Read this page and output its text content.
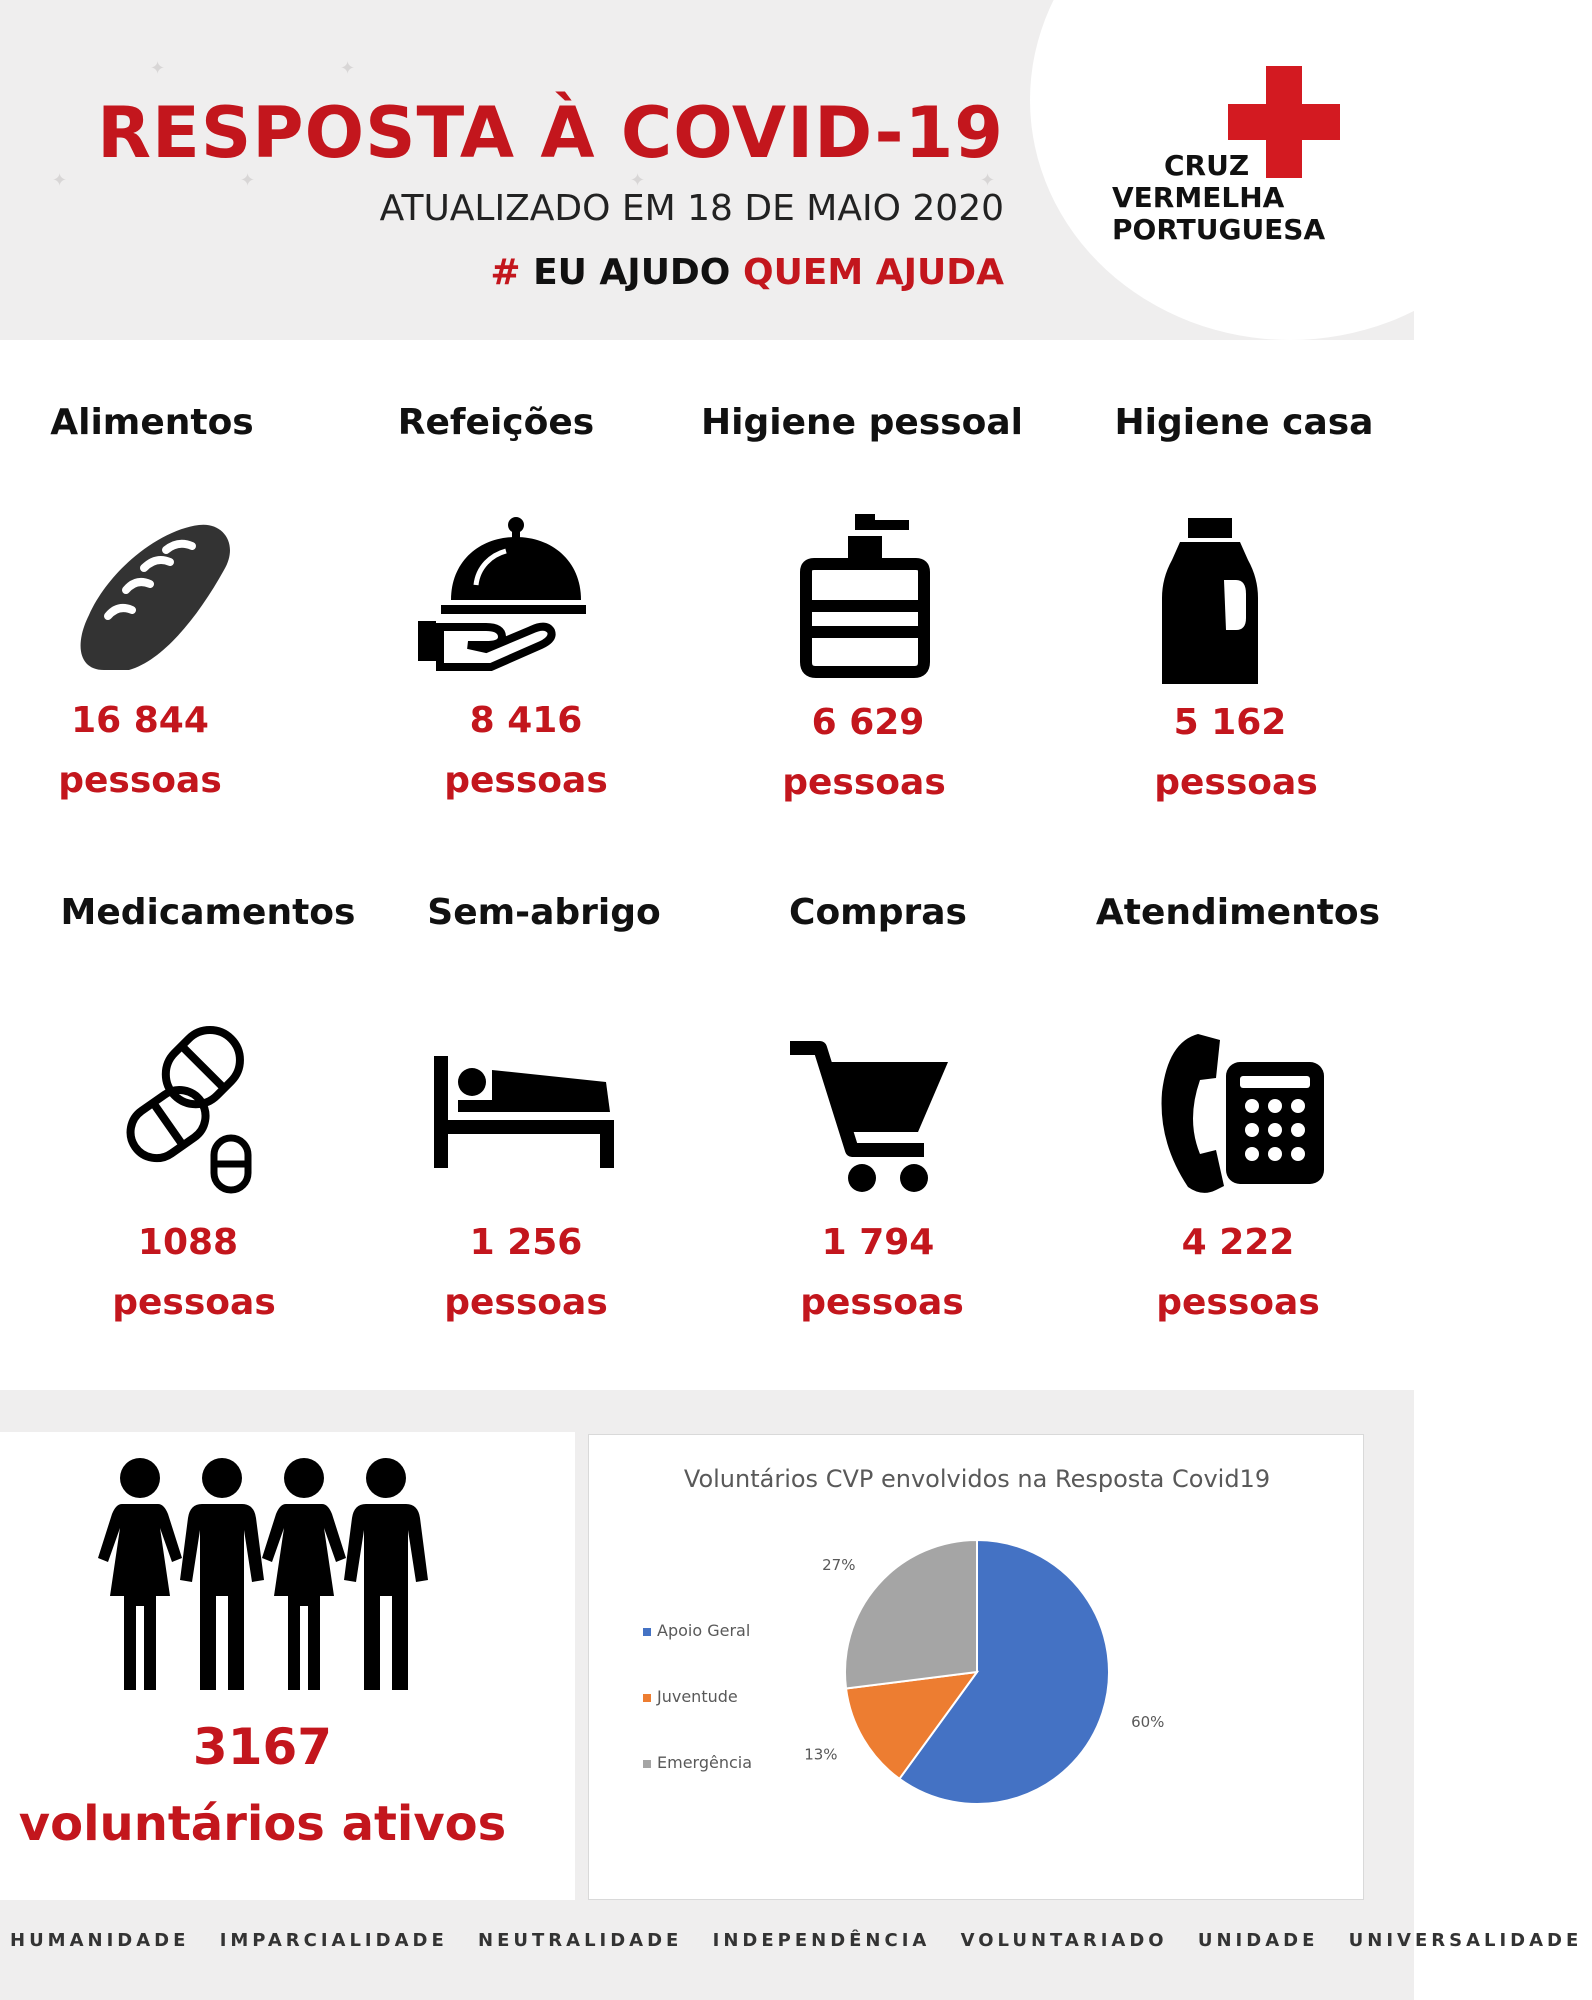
✦	✦	✦
✦	✦
✦
RESPOSTA À COVID-19
ATUALIZADO EM 18 DE MAIO 2020
# EU AJUDO QUEM AJUDA
CRUZ
VERMELHA
PORTUGUESA
Alimentos
16 844
pessoas
Refeições
8 416
pessoas
Higiene pessoal
6 629
pessoas
Higiene casa
5 162
pessoas
Medicamentos
1088
pessoas
Sem-abrigo
1 256
pessoas
Compras
1 794
pessoas
Atendimentos
4 222
pessoas
3167
voluntários ativos
Voluntários CVP envolvidos na Resposta Covid19
Apoio Geral
Juventude
Emergência
60%
13%
27%
HUMANIDADE IMPARCIALIDADE NEUTRALIDADE INDEPENDÊNCIA VOLUNTARIADO UNIDADE UNIVERSALIDADE
